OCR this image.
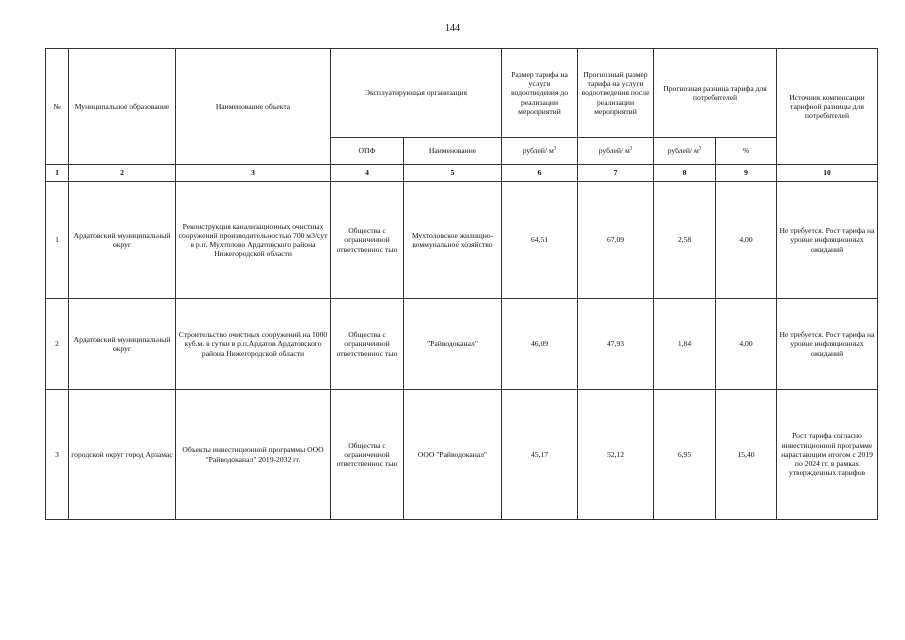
144
№	Муниципальное образование	Наименование объекта	Эксплуатирующая организация		Размер тарифа на услуги водоотведения до реализации мероприятий	Прогнозный размер тарифа на услуги водоотведения после реализации мероприятий	Прогнозная разница тарифа для потребителей		Источник компенсации тарифной разницы для потребителей
			ОПФ	Наименование	рублей/ $м^3$	рублей/ $м^3$	рублей/ $м^3$	%	
1	2	3	4	5	6	7	8	9	10
1	Ардатовский муниципальный округ	Реконструкция канализационных очистных сооружений производительностью 700 м3/сут в р.п. Мухтолово Ардатовского района Нижегородской области	Общества с ограниченной ответственнос тью	Мухтоловское жилищно-коммунальное хозяйство	64,51	67,09	2,58	4,00	Не требуется. Рост тарифа на уровне инфляционных ожиданий
2	Ардатовский муниципальный округ	Строительство очистных сооружений на 1000 куб.м. в сутки в р.п.Ардатов Ардатовского района Нижегородской области	Общества с ограниченной ответственнос тью	"Райводоканал"	46,09	47,93	1,84	4,00	Не требуется. Рост тарифа на уровне инфляционных ожиданий
3	городской округ город Арзамас	Объекты инвестиционной программы ООО "Райводоканал" 2019-2032 гг.	Общества с ограниченной ответственнос тью	ООО "Райводоканал"	45,17	52,12	6,95	15,40	Рост тарифа согласно инвестиционной программе нарастающим итогом с 2019 по 2024 гг. в рамках утвержденных тарифов
